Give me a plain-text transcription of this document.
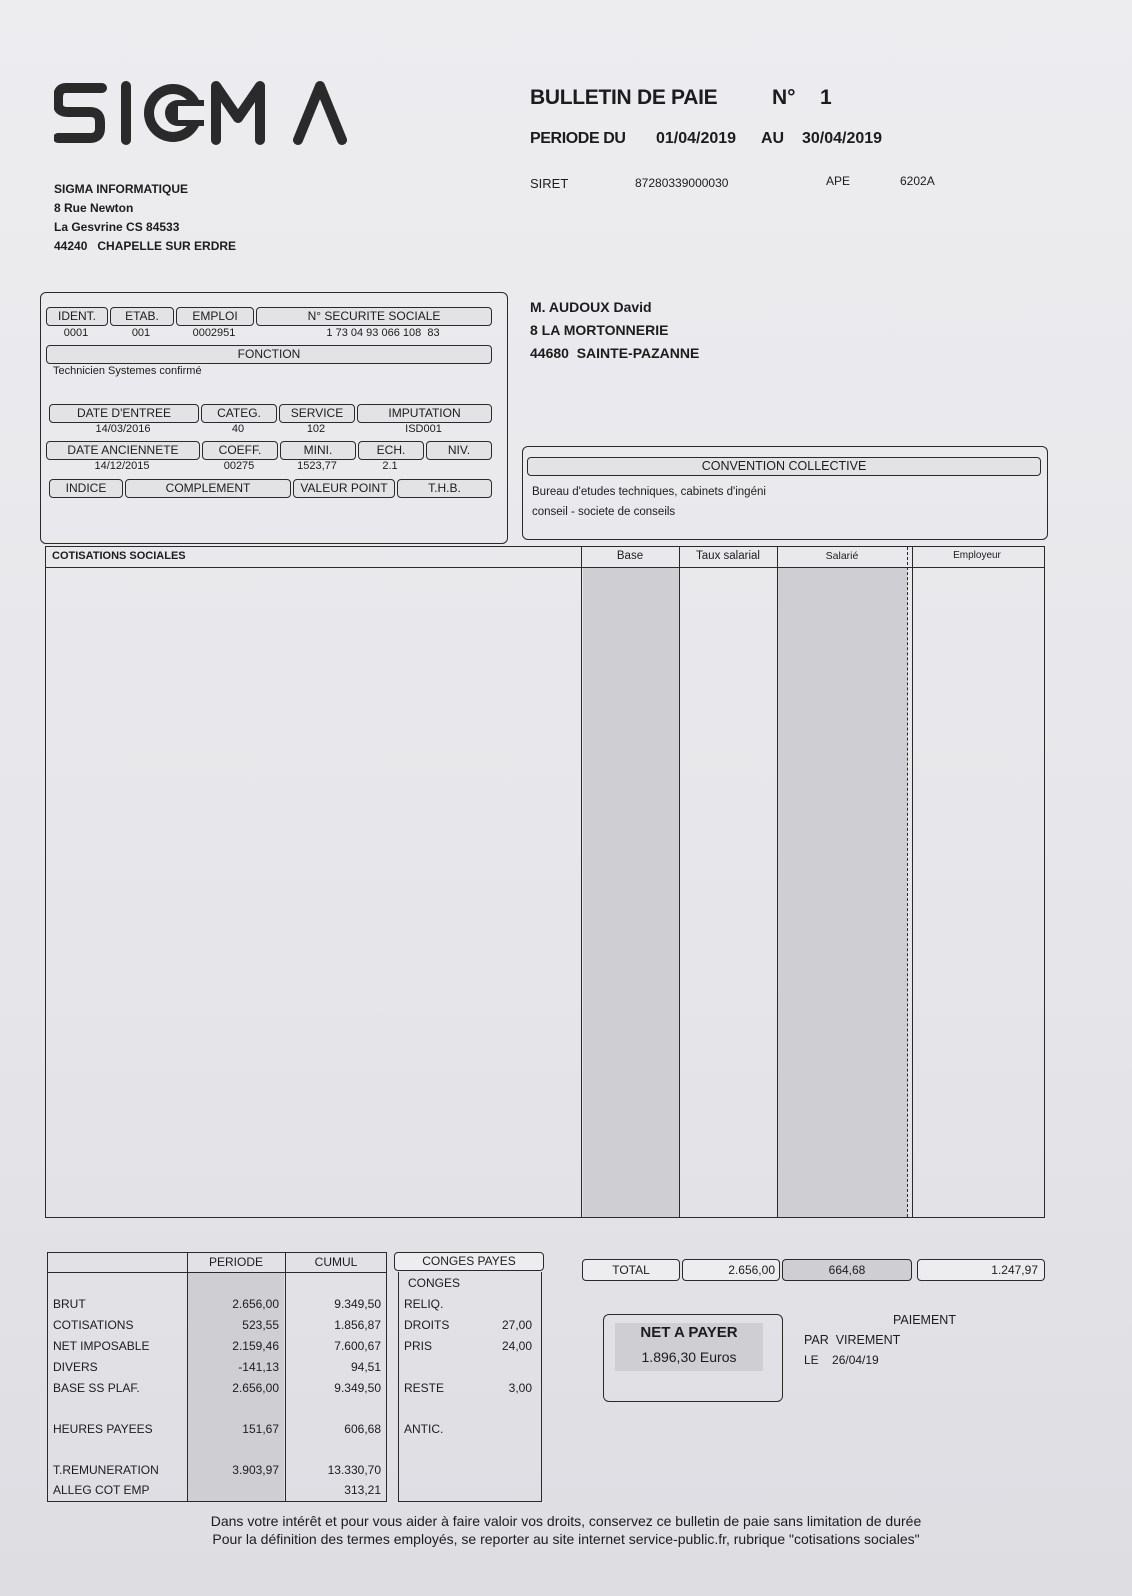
SIGMA
BULLETIN DE PAIE	N° 1
PERIODE DU 01/04/2019 AU 30/04/2019
SIRET	87280339000030	APE	6202A
SIGMA INFORMATIQUE
8 Rue Newton
La Gesvrine CS 84533
44240   CHAPELLE SUR ERDRE
M. AUDOUX David
8 LA MORTONNERIE
44680  SAINTE-PAZANNE
IDENT.	ETAB.	EMPLOI	N° SECURITE SOCIALE
0001	001	0002951	1 73 04 93 066 108  83
FONCTION
Technicien Systemes confirmé
DATE D'ENTREE	CATEG.	SERVICE	IMPUTATION
14/03/2016	40	102	ISD001
DATE ANCIENNETE	COEFF.	MINI.	ECH.	NIV.
14/12/2015	00275	1523,77	2.1
INDICE	COMPLEMENT	VALEUR POINT	T.H.B.
CONVENTION COLLECTIVE
Bureau d'etudes techniques, cabinets d'ingéni
conseil - societe de conseils
COTISATIONS SOCIALES	Base	Taux salarial	Salarié	Employeur
PERIODE	CUMUL
BRUT	2.656,00	9.349,50
COTISATIONS	523,55	1.856,87
NET IMPOSABLE	2.159,46	7.600,67
DIVERS	-141,13	94,51
BASE SS PLAF.	2.656,00	9.349,50
HEURES PAYEES	151,67	606,68
T.REMUNERATION	3.903,97	13.330,70
ALLEG COT EMP	313,21
CONGES PAYES
CONGES
RELIQ.
DROITS	27,00
PRIS	24,00
RESTE	3,00
ANTIC.
TOTAL	2.656,00	664,68	1.247,97
NET A PAYER
1.896,30 Euros
PAIEMENT
PAR  VIREMENT
LE    26/04/19
Dans votre intérêt et pour vous aider à faire valoir vos droits, conservez ce bulletin de paie sans limitation de durée
Pour la définition des termes employés, se reporter au site internet service-public.fr, rubrique "cotisations sociales"
